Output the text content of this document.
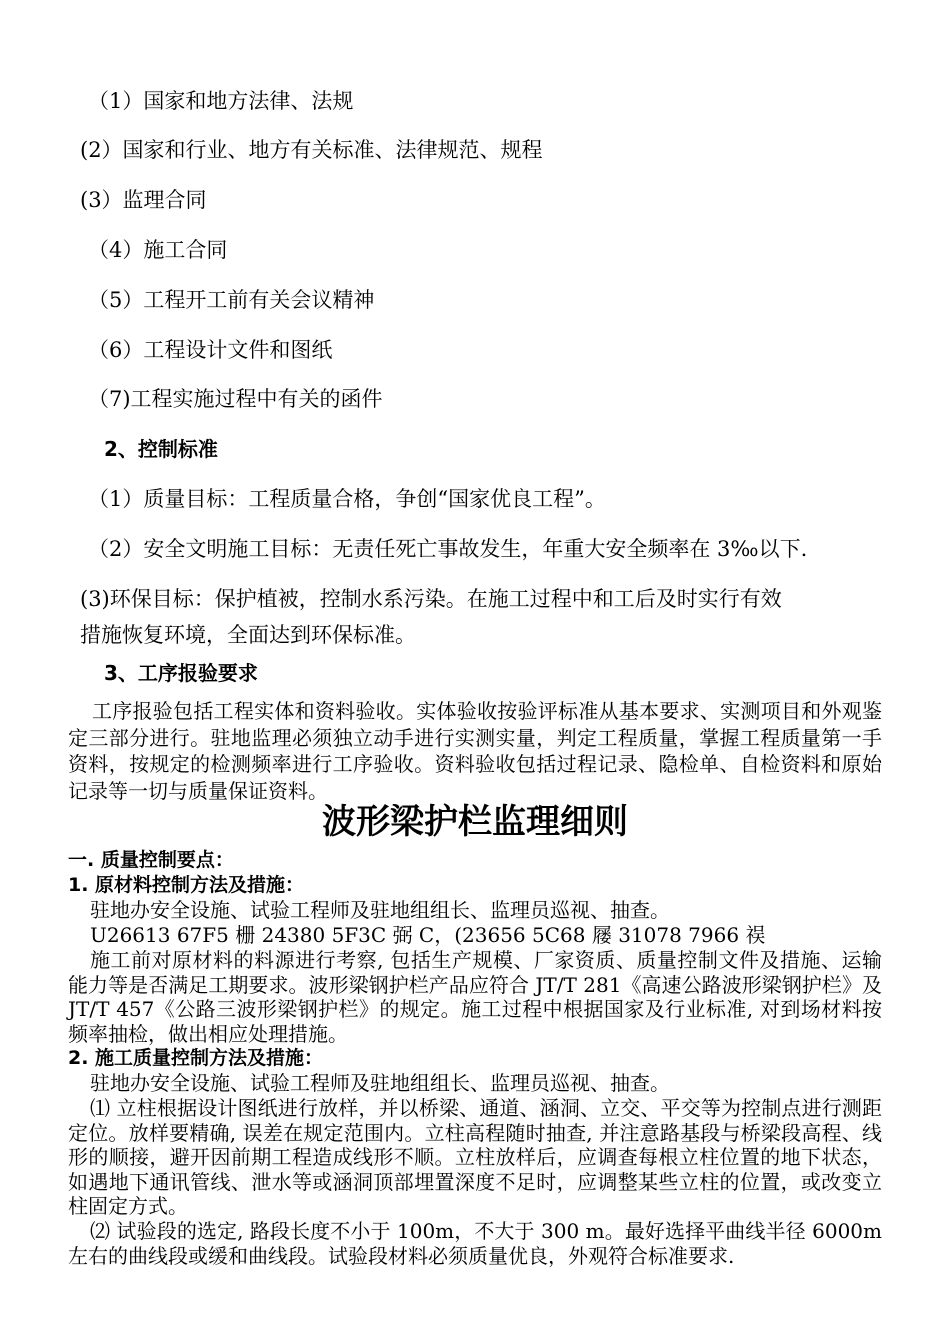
（1）国家和地方法律、法规
(2）国家和行业、地方有关标准、法律规范、规程
(3）监理合同
（4）施工合同
（5）工程开工前有关会议精神
（6）工程设计文件和图纸
（7)工程实施过程中有关的函件
2、控制标准
（1）质量目标：工程质量合格，争创“国家优良工程”。
（2）安全文明施工目标：无责任死亡事故发生，年重大安全频率在 3‰以下.
(3)环保目标：保护植被，控制水系污染。在施工过程中和工后及时实行有效
措施恢复环境，全面达到环保标准。
3、工序报验要求
工序报验包括工程实体和资料验收。实体验收按验评标准从基本要求、实测项目和外观鉴定三部分进行。驻地监理必须独立动手进行实测实量，判定工程质量，掌握工程质量第一手资料，按规定的检测频率进行工序验收。资料验收包括过程记录、隐检单、自检资料和原始记录等一切与质量保证资料。
波形梁护栏监理细则
一. 质量控制要点：
1. 原材料控制方法及措施：
驻地办安全设施、试验工程师及驻地组组长、监理员巡视、抽查。
U26613 67F5 栅 24380 5F3C 弼 C，(23656 5C68 屦 31078 7966 祦
施工前对原材料的料源进行考察, 包括生产规模、厂家资质、质量控制文件及措施、运输能力等是否满足工期要求。波形梁钢护栏产品应符合 JT/T 281《高速公路波形梁钢护栏》及 JT/T 457《公路三波形梁钢护栏》的规定。施工过程中根据国家及行业标准, 对到场材料按频率抽检，做出相应处理措施。
2. 施工质量控制方法及措施：
驻地办安全设施、试验工程师及驻地组组长、监理员巡视、抽查。
⑴ 立柱根据设计图纸进行放样，并以桥梁、通道、涵洞、立交、平交等为控制点进行测距定位。放样要精确, 误差在规定范围内。立柱高程随时抽查, 并注意路基段与桥梁段高程、线形的顺接，避开因前期工程造成线形不顺。立柱放样后，应调查每根立柱位置的地下状态，如遇地下通讯管线、泄水等或涵洞顶部埋置深度不足时，应调整某些立柱的位置，或改变立柱固定方式。
⑵ 试验段的选定, 路段长度不小于 100m，不大于 300 m。最好选择平曲线半径 6000m 左右的曲线段或缓和曲线段。试验段材料必须质量优良，外观符合标准要求.
